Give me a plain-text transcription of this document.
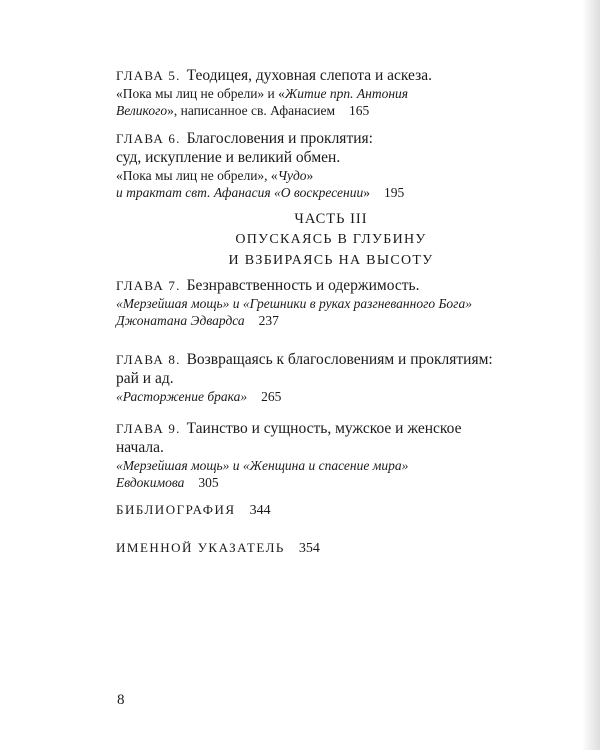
ГЛАВА 5. Теодицея, духовная слепота и аскеза.
«Пока мы лиц не обрели» и «Житие прп. Антония
Великого», написанное св. Афанасием 165
ГЛАВА 6. Благословения и проклятия:
суд, искупление и великий обмен.
«Пока мы лиц не обрели», «Чудо»
и трактат свт. Афанасия «О воскресении» 195
ЧАСТЬ III
ОПУСКАЯСЬ В ГЛУБИНУ
И ВЗБИРАЯСЬ НА ВЫСОТУ
ГЛАВА 7. Безнравственность и одержимость.
«Мерзейшая мощь» и «Грешники в руках разгневанного Бога»
Джонатана Эдвардса 237
ГЛАВА 8. Возвращаясь к благословениям и проклятиям:
рай и ад.
«Расторжение брака» 265
ГЛАВА 9. Таинство и сущность, мужское и женское
начала.
«Мерзейшая мощь» и «Женщина и спасение мира»
Евдокимова 305
БИБЛИОГРАФИЯ 344
ИМЕННОЙ УКАЗАТЕЛЬ 354
8
